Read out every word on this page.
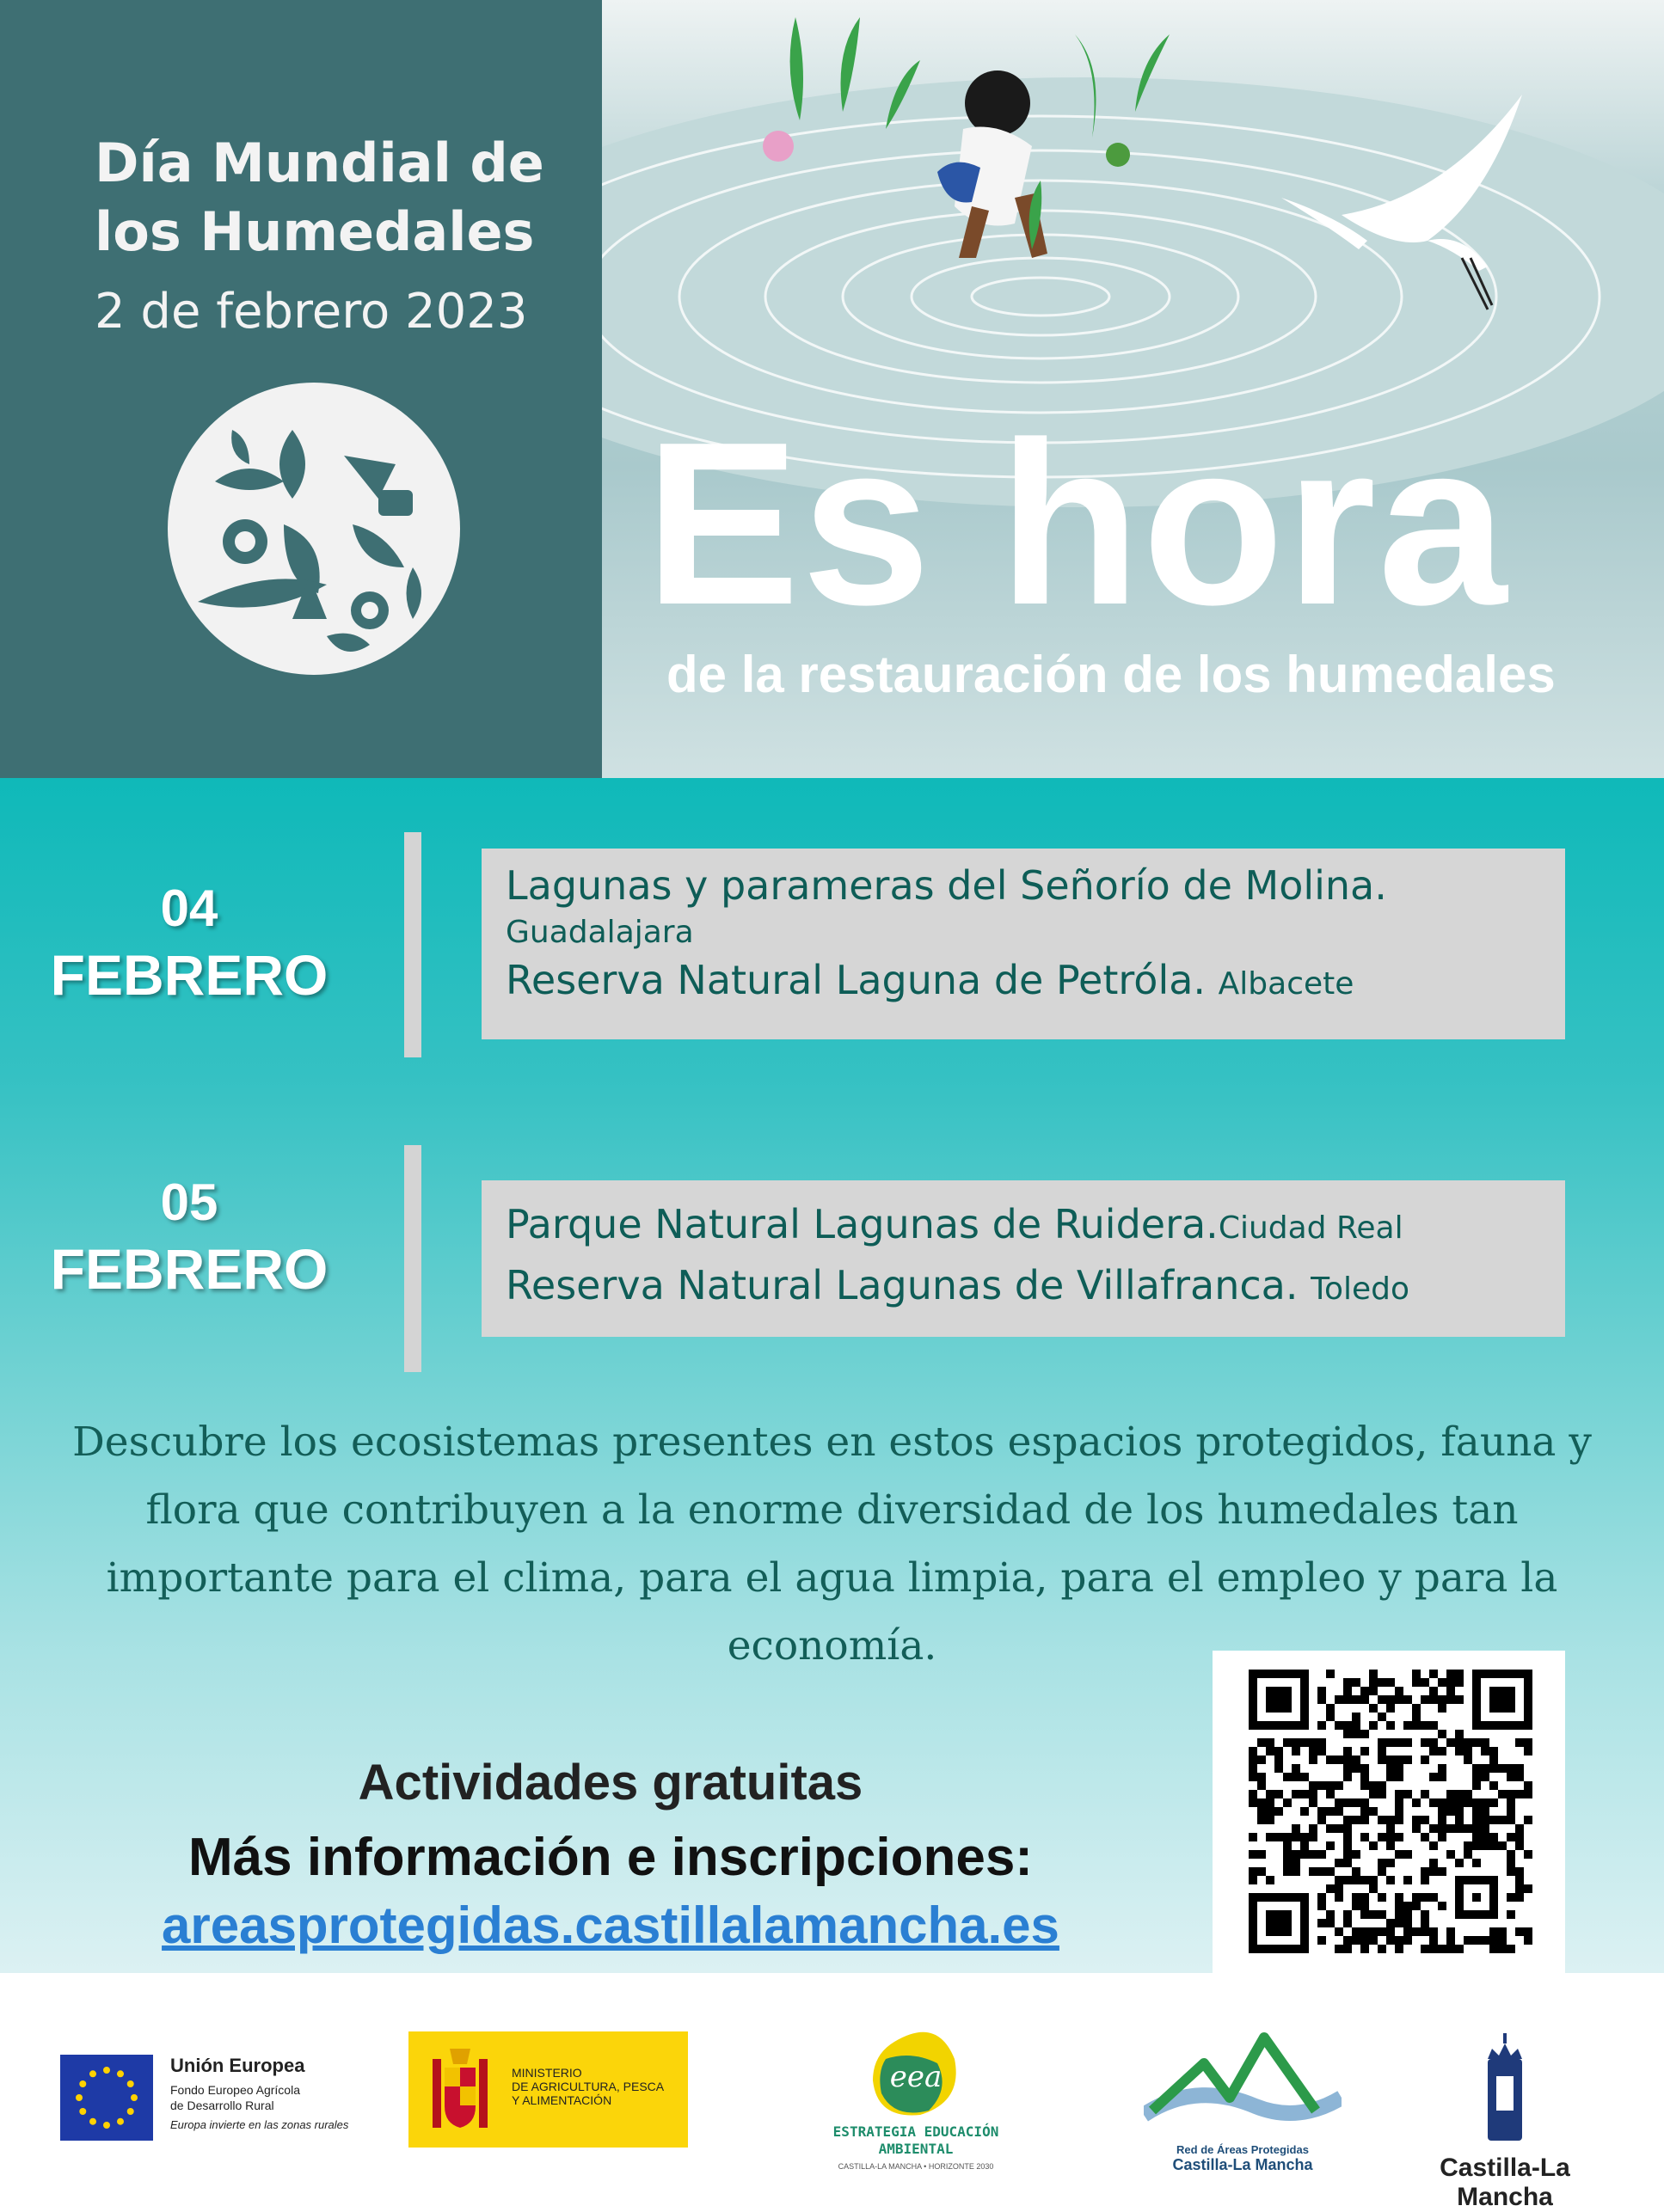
Día Mundial de
los Humedales
2 de febrero 2023
Es hora
de la restauración de los humedales
04
FEBRERO
Lagunas y parameras del Señorío de Molina.
Guadalajara
Reserva Natural Laguna de Petróla. Albacete
05
FEBRERO
Parque Natural Lagunas de Ruidera.Ciudad Real
Reserva Natural Lagunas de Villafranca. Toledo
Descubre los ecosistemas presentes en estos espacios protegidos, fauna y flora que contribuyen a la enorme diversidad de los humedales tan importante para el clima, para el agua limpia, para el empleo y para la economía.
Actividades gratuitas
Más información e inscripciones:
areasprotegidas.castillalamancha.es
Unión Europea
Fondo Europeo Agrícola
de Desarrollo Rural
Europa invierte en las zonas rurales
MINISTERIO
DE AGRICULTURA, PESCA
Y ALIMENTACIÓN
eea
ESTRATEGIA EDUCACIÓN
AMBIENTAL
CASTILLA-LA MANCHA • HORIZONTE 2030
Red de Áreas Protegidas
Castilla-La Mancha	Castilla-La Mancha
